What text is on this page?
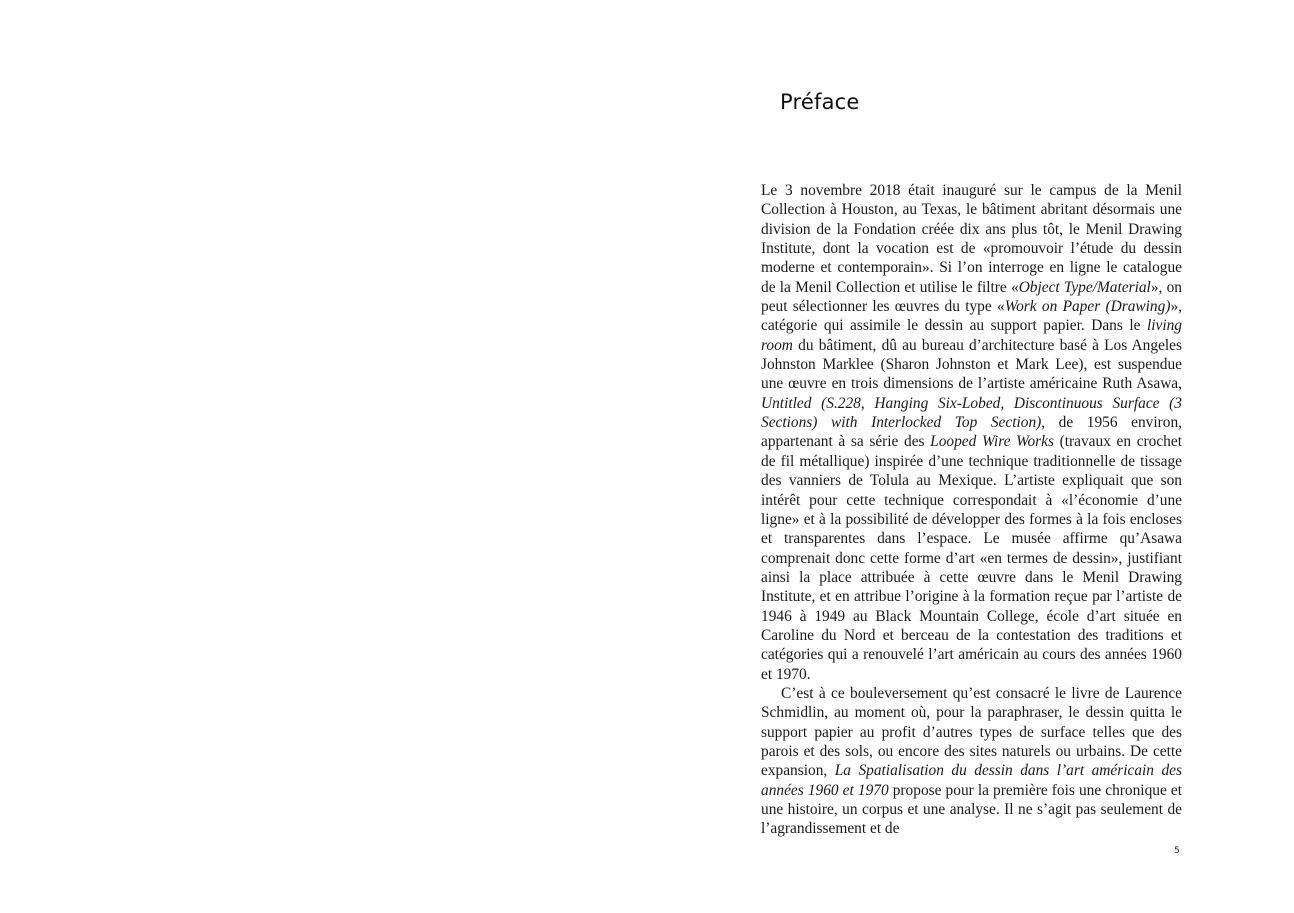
Préface

Le 3 novembre 2018 était inauguré sur le campus de la Menil Collection à Houston, au Texas, le bâtiment abritant désormais une division de la Fondation créée dix ans plus tôt, le Menil Drawing Institute, dont la vocation est de «promouvoir l’étude du dessin moderne et contemporain». Si l’on interroge en ligne le catalogue de la Menil Collection et utilise le filtre «Object Type/Material», on peut sélectionner les œuvres du type «Work on Paper (Drawing)», catégorie qui assimile le dessin au support papier. Dans le living room du bâtiment, dû au bureau d’architecture basé à Los Angeles Johnston Marklee (Sharon Johnston et Mark Lee), est suspendue une œuvre en trois dimensions de l’artiste américaine Ruth Asawa, Untitled (S.228, Hanging Six-Lobed, Discontinuous Surface (3 Sections) with Interlocked Top Section), de 1956 environ, appartenant à sa série des Looped Wire Works (travaux en crochet de fil métallique) inspirée d’une technique traditionnelle de tissage des vanniers de Tolula au Mexique. L’artiste expliquait que son intérêt pour cette technique correspondait à «l’économie d’une ligne» et à la possibilité de développer des formes à la fois encloses et transparentes dans l’espace. Le musée affirme qu’Asawa comprenait donc cette forme d’art «en termes de dessin», justifiant ainsi la place attribuée à cette œuvre dans le Menil Drawing Institute, et en attribue l’origine à la formation reçue par l’artiste de 1946 à 1949 au Black Mountain College, école d’art située en Caroline du Nord et berceau de la contestation des traditions et catégories qui a renouvelé l’art américain au cours des années 1960 et 1970.

C’est à ce bouleversement qu’est consacré le livre de Laurence Schmidlin, au moment où, pour la paraphraser, le dessin quitta le support papier au profit d’autres types de surface telles que des parois et des sols, ou encore des sites naturels ou urbains. De cette expansion, La Spatialisation du dessin dans l’art américain des années 1960 et 1970 propose pour la première fois une chronique et une histoire, un corpus et une analyse. Il ne s’agit pas seulement de l’agrandissement et de

5
